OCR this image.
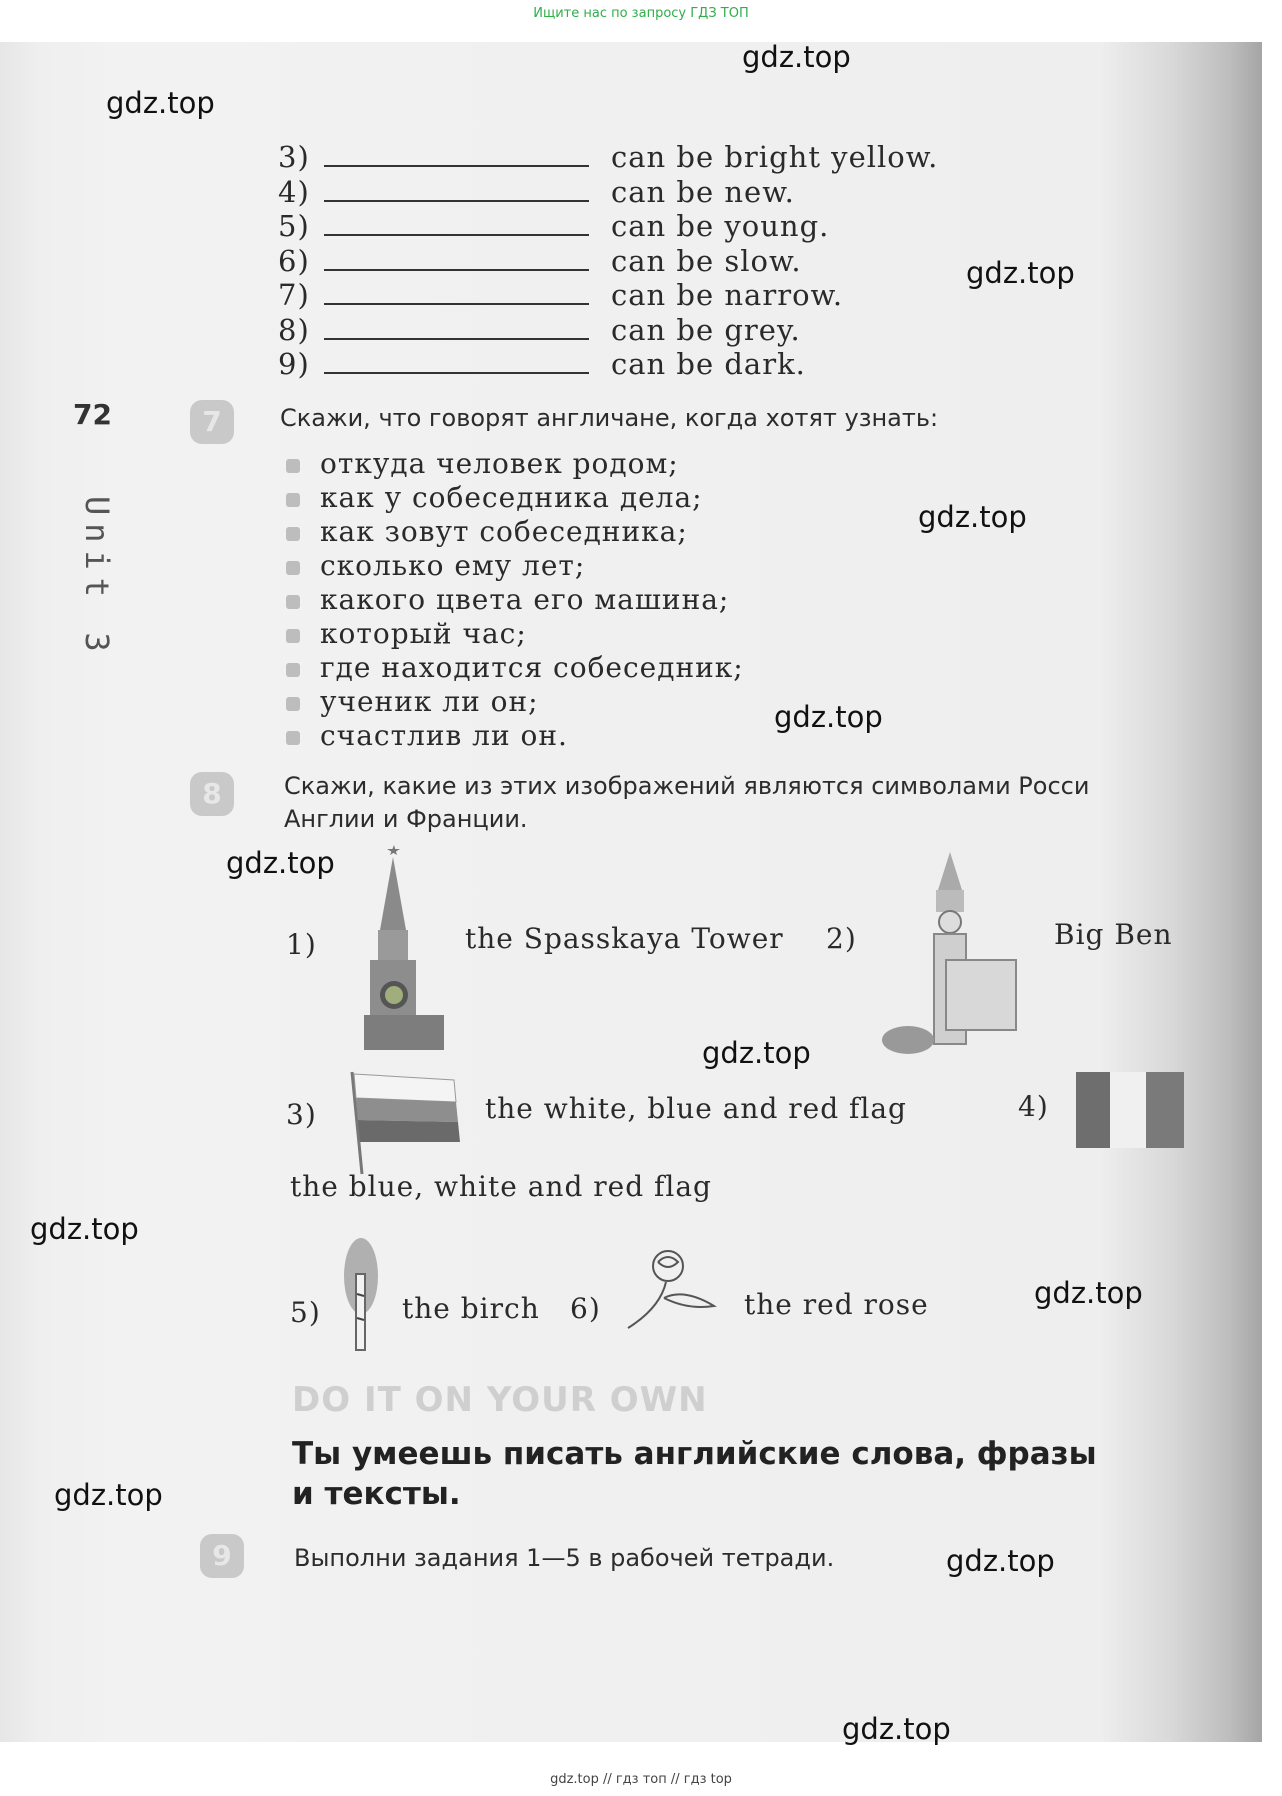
Ищите нас по запросу ГДЗ ТОП
72
Unit 3
3)	can be bright yellow.
4)	can be new.
5)	can be young.
6)	can be slow.
7)	can be narrow.
8)	can be grey.
9)	can be dark.
7	Скажи, что говорят англичане, когда хотят узнать:
откуда человек родом;
как у собеседника дела;
как зовут собеседника;
сколько ему лет;
какого цвета его машина;
который час;
где находится собеседник;
ученик ли он;
счастлив ли он.
8	Скажи, какие из этих изображений являются символами Росси
Англии и Франции.
1)	the Spasskaya Tower 2)	Big Ben
3)	the white, blue and red flag	4)
the blue, white and red flag
5)	the birch 6)	the red rose
DO IT ON YOUR OWN
Ты умеешь писать английские слова, фразы
и тексты.
9	Выполни задания 1—5 в рабочей тетради.
gdz.top
gdz.top
gdz.top
gdz.top
gdz.top
gdz.top
gdz.top
gdz.top
gdz.top
gdz.top
gdz.top
gdz.top
gdz.top // гдз топ // гдз top
